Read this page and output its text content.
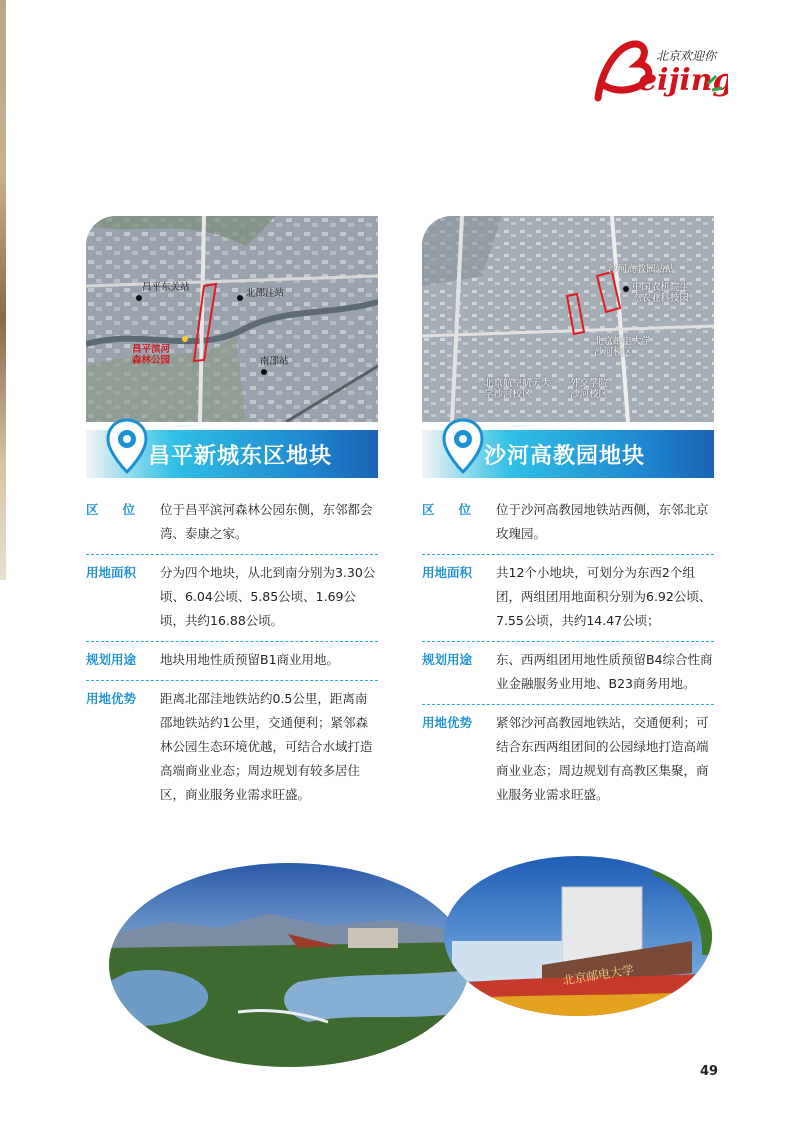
eijing
北京欢迎你
昌平东关站
北邵洼站
昌平滨河
森林公园	南邵站
沙河高教园站站
中国农机院生
态农业科技园
北京邮电大学
沙河校区
北京航空航天大
学沙河校区
外交学院
沙河校区
昌平新城东区地块	沙河高教园地块
区位 位于昌平滨河森林公园东侧，东邻都会湾、泰康之家。
用地面积	分为四个地块，从北到南分别为3.30公顷、6.04公顷、5.85公顷、1.69公顷，共约16.88公顷。
规划用途	地块用地性质预留B1商业用地。
用地优势	距离北邵洼地铁站约0.5公里，距离南邵地铁站约1公里，交通便利；紧邻森林公园生态环境优越，可结合水域打造高端商业业态；周边规划有较多居住区，商业服务业需求旺盛。
区位 位于沙河高教园地铁站西侧，东邻北京玫瑰园。
用地面积	共12个小地块，可划分为东西2个组团，两组团用地面积分别为6.92公顷、7.55公顷，共约14.47公顷；
规划用途	东、西两组团用地性质预留B4综合性商业金融服务业用地、B23商务用地。
用地优势	紧邻沙河高教园地铁站，交通便利；可结合东西两组团间的公园绿地打造高端商业业态；周边规划有高教区集聚，商业服务业需求旺盛。
北京邮电大学
49
